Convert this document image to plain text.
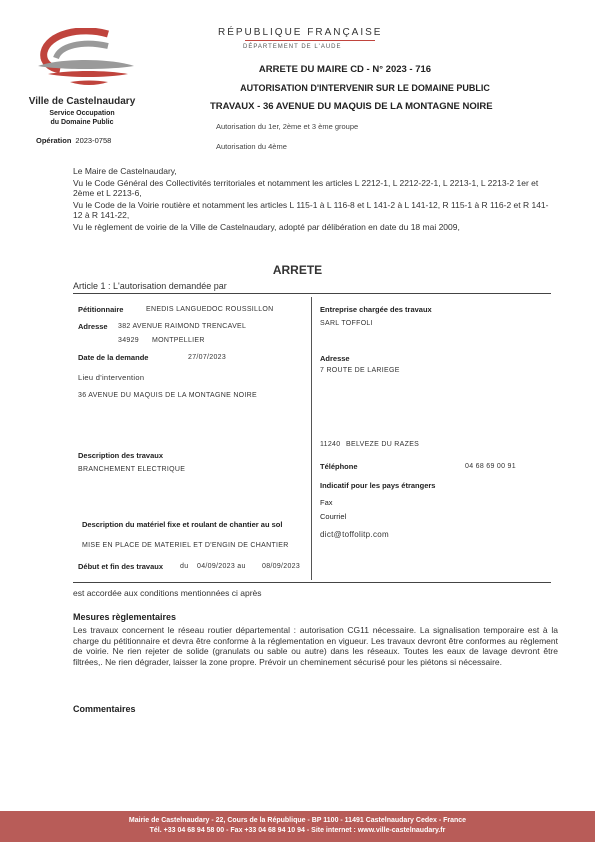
Ville de Castelnaudary
Service Occupation
du Domaine Public
Opération 2023-0758
RÉPUBLIQUE FRANÇAISE
DÉPARTEMENT DE L'AUDE
ARRETE DU MAIRE CD - N° 2023 - 716
AUTORISATION D'INTERVENIR SUR LE DOMAINE PUBLIC
TRAVAUX - 36 AVENUE DU MAQUIS DE LA MONTAGNE NOIRE
Autorisation du 1er, 2ème et 3 ème groupe
Autorisation du 4ème

Le Maire de Castelnaudary,

Vu le Code Général des Collectivités territoriales et notamment les articles L 2212-1, L 2212-22-1, L 2213-1, L 2213-2 1er et 2ème et L 2213-6,

Vu le Code de la Voirie routière et notamment les articles L 115-1 à L 116-8 et L 141-2 à L 141-12, R 115-1 à R 116-2 et R 141-12 à R 141-22,

Vu le règlement de voirie de la Ville de Castelnaudary, adopté par délibération en date du 18 mai 2009,

ARRETE
Article 1 : L'autorisation demandée par
Pétitionnaire	ENEDIS LANGUEDOC ROUSSILLON
Adresse 382 AVENUE RAIMOND TRENCAVEL
34929 MONTPELLIER
Date de la demande	27/07/2023
Lieu d'intervention
36 AVENUE DU MAQUIS DE LA MONTAGNE NOIRE
Description des travaux
BRANCHEMENT ELECTRIQUE
Description du matériel fixe et roulant de chantier au sol
MISE EN PLACE DE MATERIEL ET D'ENGIN DE CHANTIER
Début et fin des travaux du 04/09/2023 au 08/09/2023
Entreprise chargée des travaux
SARL TOFFOLI
Adresse
7 ROUTE DE LARIEGE
11240 BELVEZE DU RAZES
Téléphone	04 68 69 00 91
Indicatif pour les pays étrangers
Fax
Courriel
dict@toffolitp.com
est accordée aux conditions mentionnées ci après
Mesures règlementaires
Les travaux concernent le réseau routier départemental : autorisation CG11 nécessaire. La signalisation temporaire est à la charge du pétitionnaire et devra être conforme à la réglementation en vigueur. Les travaux devront être conformes au règlement de voirie. Ne rien rejeter de solide (granulats ou sable ou autre) dans les réseaux. Toutes les eaux de lavage devront être filtrées,. Ne rien dégrader, laisser la zone propre. Prévoir un cheminement sécurisé pour les piétons si nécessaire.
Commentaires
Mairie de Castelnaudary - 22, Cours de la République - BP 1100 - 11491 Castelnaudary Cedex - France
Tél. +33 04 68 94 58 00 - Fax +33 04 68 94 10 94 - Site internet : www.ville-castelnaudary.fr
